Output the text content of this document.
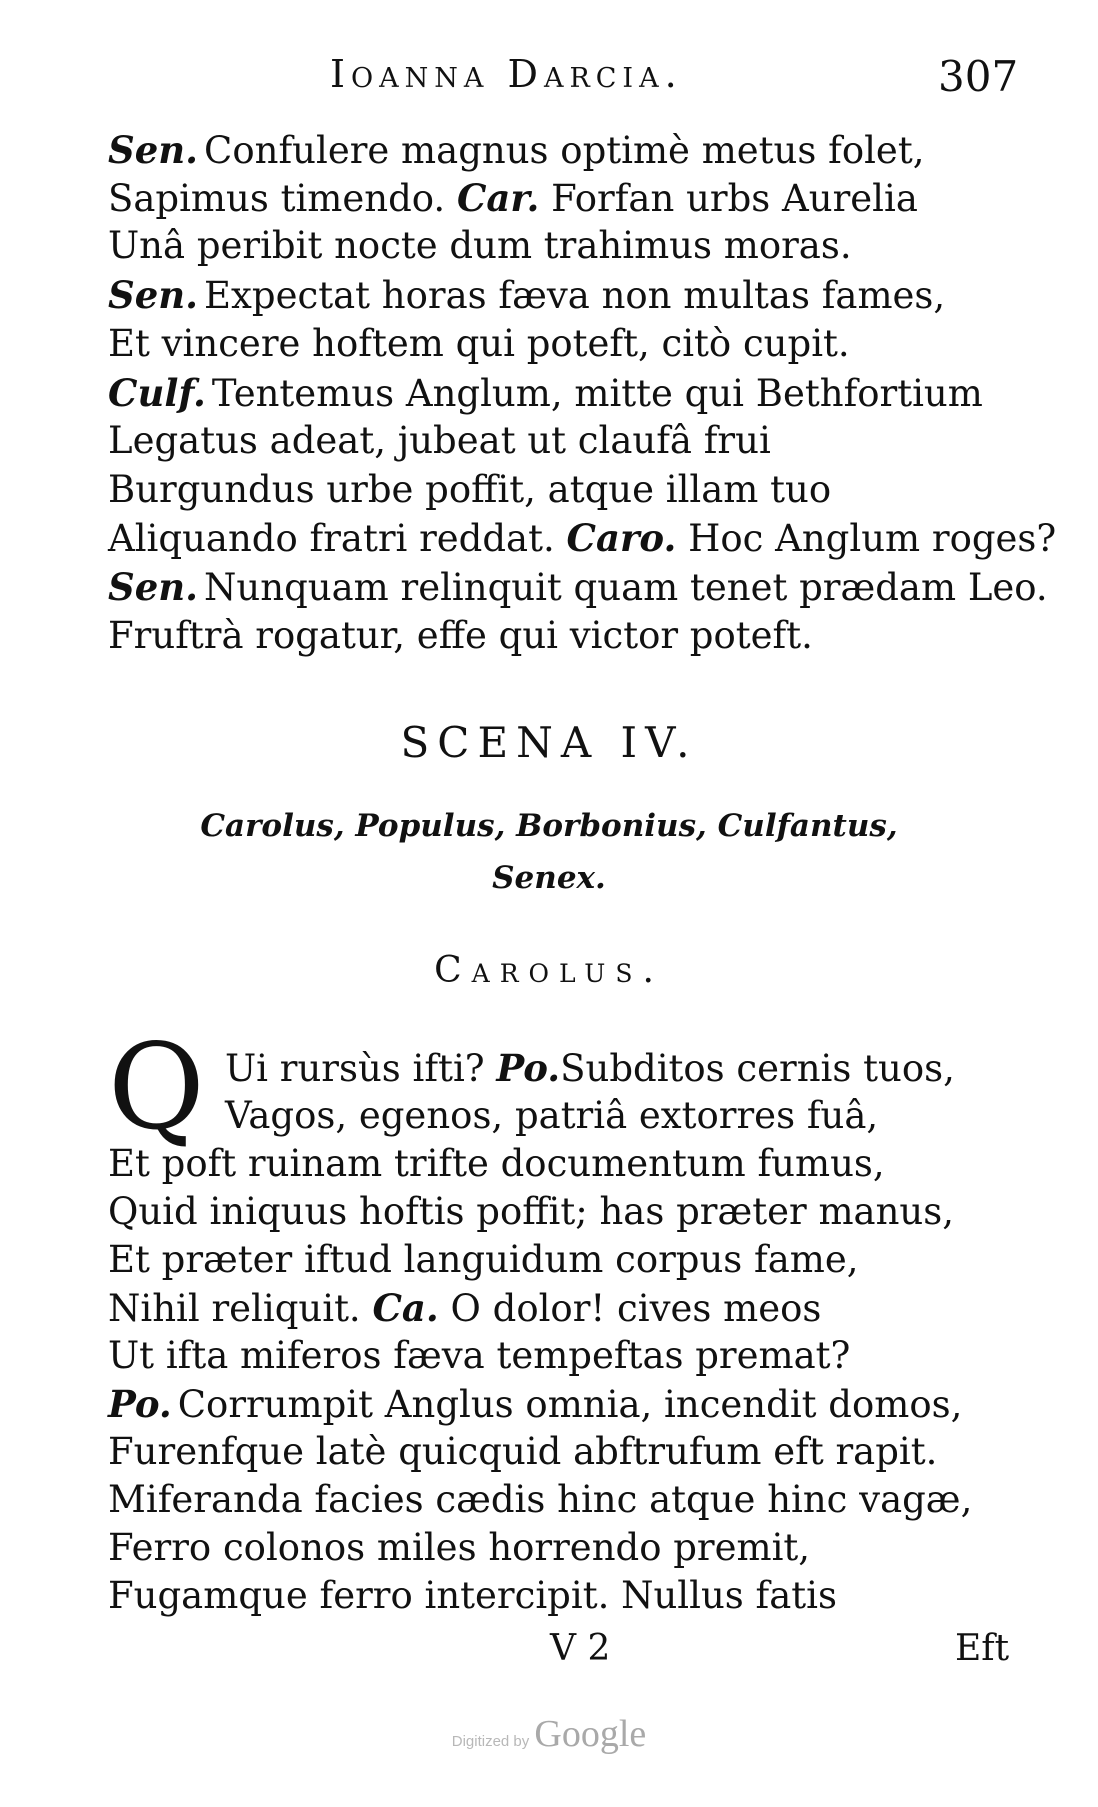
Ioanna Darcia.	307
Sen. Confulere magnus optimè metus folet,
Sapimus timendo. Car. Forfan urbs Aurelia
Unâ peribit nocte dum trahimus moras.
Sen. Expectat horas fæva non multas fames,
Et vincere hoftem qui poteft, citò cupit.
Culf. Tentemus Anglum, mitte qui Bethfortium
Legatus adeat, jubeat ut claufâ frui
Burgundus urbe poffit, atque illam tuo
Aliquando fratri reddat. Caro. Hoc Anglum roges?
Sen. Nunquam relinquit quam tenet prædam Leo.
Fruftrà rogatur, effe qui victor poteft.
SCENA IV.
Carolus, Populus, Borbonius, Culfantus,
Senex.
Carolus.
Q Ui rursùs ifti? Po.Subditos cernis tuos,
Vagos, egenos, patriâ extorres fuâ,
Et poft ruinam trifte documentum fumus,
Quid iniquus hoftis poffit; has præter manus,
Et præter iftud languidum corpus fame,
Nihil reliquit. Ca. O dolor! cives meos
Ut ifta miferos fæva tempeftas premat?
Po. Corrumpit Anglus omnia, incendit domos,
Furenfque latè quicquid abftrufum eft rapit.
Miferanda facies cædis hinc atque hinc vagæ,
Ferro colonos miles horrendo premit,
Fugamque ferro intercipit. Nullus fatis
V 2	Eft
Digitized by Google
